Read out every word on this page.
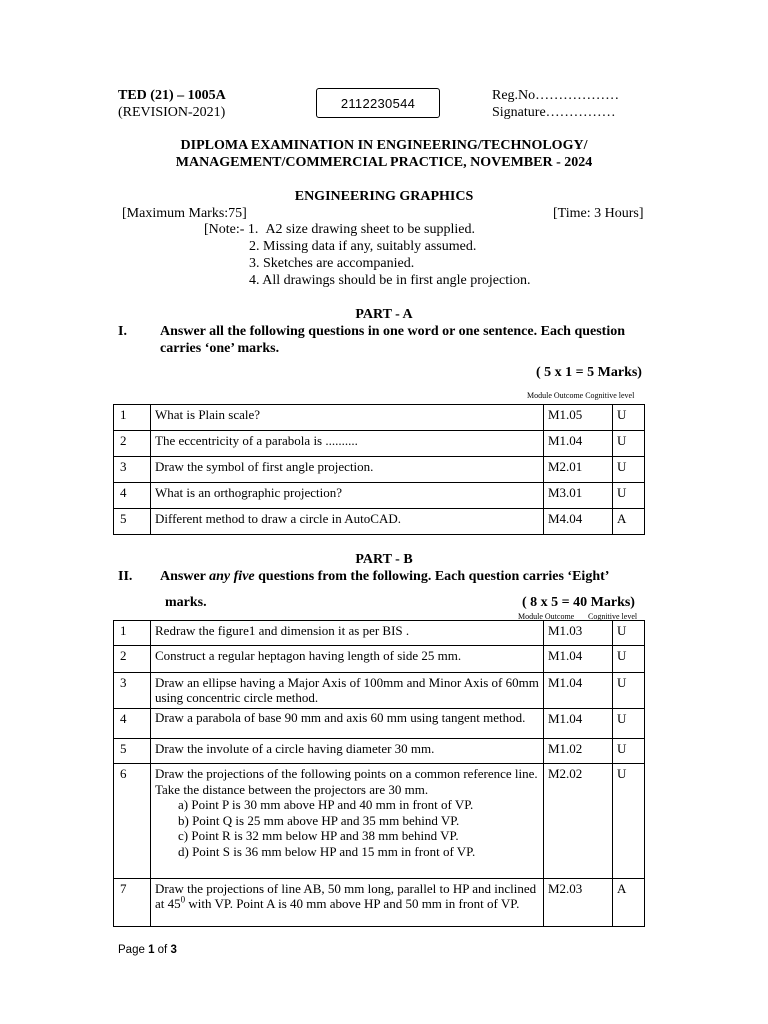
TED (21) – 1005A
(REVISION-2021)
2112230544	Reg.No………………
Signature……………
DIPLOMA EXAMINATION IN ENGINEERING/TECHNOLOGY/
MANAGEMENT/COMMERCIAL PRACTICE, NOVEMBER - 2024
ENGINEERING GRAPHICS
[Maximum Marks:75]	[Time: 3 Hours]
[Note:- 1. A2 size drawing sheet to be supplied.
2. Missing data if any, suitably assumed.
3. Sketches are accompanied.
4. All drawings should be in first angle projection.
PART - A
I. Answer all the following questions in one word or one sentence. Each question
carries ‘one’ marks.
( 5 x 1 = 5 Marks)
Module Outcome Cognitive level
1	What is Plain scale?	M1.05	U
2	The eccentricity of a parabola is ..........	M1.04	U
3	Draw the symbol of first angle projection.	M2.01	U
4	What is an orthographic projection?	M3.01	U
5	Different method to draw a circle in AutoCAD.	M4.04	A
PART - B
II. Answer any five questions from the following. Each question carries ‘Eight’
marks.	( 8 x 5 = 40 Marks)
Module Outcome Cognitive level
1	Redraw the figure1 and dimension it as per BIS .	M1.03	U
2	Construct a regular heptagon having length of side 25 mm.	M1.04	U
3	Draw an ellipse having a Major Axis of 100mm and Minor Axis of 60mm using concentric circle method.	M1.04	U
4	Draw a parabola of base 90 mm and axis 60 mm using tangent method.	M1.04	U
5	Draw the involute of a circle having diameter 30 mm.	M1.02	U
6	Draw the projections of the following points on a common reference line. Take the distance between the projectors are 30 mm.
a) Point P is 30 mm above HP and 40 mm in front of VP.
b) Point Q is 25 mm above HP and 35 mm behind VP.
c) Point R is 32 mm below HP and 38 mm behind VP.
d) Point S is 36 mm below HP and 15 mm in front of VP.	M2.02	U
7	Draw the projections of line AB, 50 mm long, parallel to HP and inclined at $45^0$ with VP. Point A is 40 mm above HP and 50 mm in front of VP.	M2.03	A
Page 1 of 3
